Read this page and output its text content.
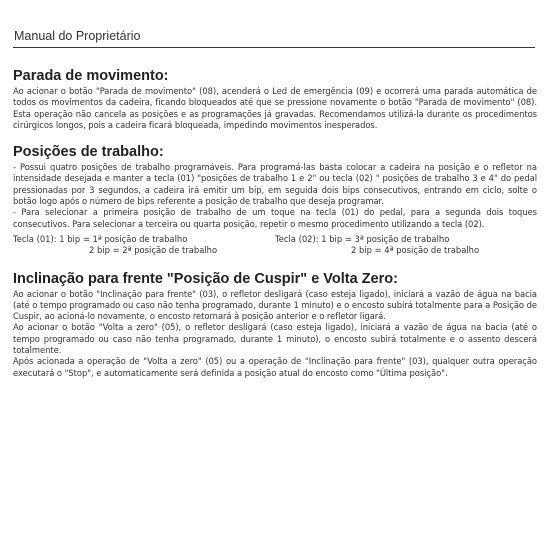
Manual do Proprietário
Parada de movimento:

Ao acionar o botão "Parada de movimento" (08), acenderá o Led de emergência (09) e ocorrerá uma parada automática de todos os movimentos da cadeira, ficando bloqueados até que se pressione novamente o botão "Parada de movimento" (08). Esta operação não cancela as posições e as programações já gravadas. Recomendamos utilizá-la durante os procedimentos cirúrgicos longos, pois a cadeira ficará bloqueada, impedindo movimentos inesperados.

Posições de trabalho:

- Possui quatro posições de trabalho programáveis. Para programá-las basta colocar a cadeira na posição e o refletor na intensidade desejada e manter a tecla (01) "posições de trabalho 1 e 2" ou tecla (02) " posições de trabalho 3 e 4" do pedal pressionadas por 3 segundos, a cadeira irá emitir um bip, em seguida dois bips consecutivos, entrando em ciclo, solte o botão logo após o número de bips referente a posição de trabalho que deseja programar.

- Para selecionar a primeira posição de trabalho de um toque na tecla (01) do pedal, para a segunda dois toques consecutivos. Para selecionar a terceira ou quarta posição, repetir o mesmo procedimento utilizando a tecla (02).

Tecla (01): 1 bip = 1ª posição de trabalho
2 bip = 2ª posição de trabalho
Tecla (02): 1 bip = 3ª posição de trabalho
2 bip = 4ª posição de trabalho
Inclinação para frente "Posição de Cuspir" e Volta Zero:

Ao acionar o botão "Inclinação para frente" (03), o refletor desligará (caso esteja ligado), iniciará a vazão de água na bacia (até o tempo programado ou caso não tenha programado, durante 1 minuto) e o encosto subirá totalmente para a Posição de Cuspir, ao acioná-lo novamente, o encosto retornará à posição anterior e o refletor ligará.

Ao acionar o botão "Volta a zero" (05), o refletor desligará (caso esteja ligado), iniciará a vazão de água na bacia (até o tempo programado ou caso não tenha programado, durante 1 minuto), o encosto subirá totalmente e o assento descerá totalmente.

Após acionada a operação de "Volta a zero" (05) ou a operação de "Inclinação para frente" (03), qualquer outra operação executará o "Stop", e automaticamente será definida a posição atual do encosto como "Última posição".
